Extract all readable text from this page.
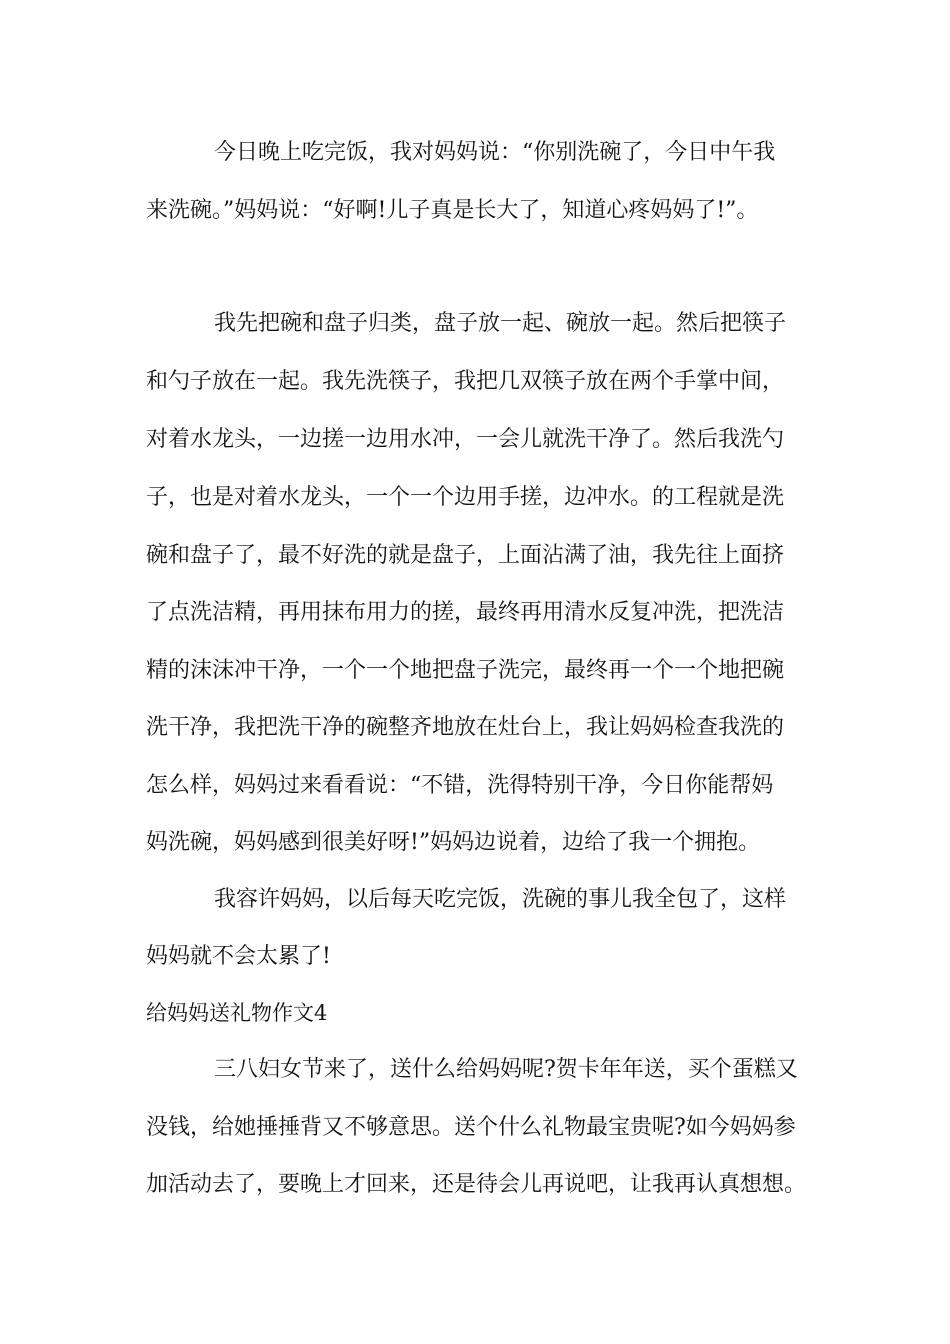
今日晚上吃完饭，我对妈妈说：“你别洗碗了，今日中午我

来洗碗。”妈妈说：“好啊!儿子真是长大了，知道心疼妈妈了!”。

我先把碗和盘子归类，盘子放一起、碗放一起。然后把筷子

和勺子放在一起。我先洗筷子，我把几双筷子放在两个手掌中间，

对着水龙头，一边搓一边用水冲，一会儿就洗干净了。然后我洗勺

子，也是对着水龙头，一个一个边用手搓，边冲水。的工程就是洗

碗和盘子了，最不好洗的就是盘子，上面沾满了油，我先往上面挤

了点洗洁精，再用抹布用力的搓，最终再用清水反复冲洗，把洗洁

精的沫沫冲干净，一个一个地把盘子洗完，最终再一个一个地把碗

洗干净，我把洗干净的碗整齐地放在灶台上，我让妈妈检查我洗的

怎么样，妈妈过来看看说：“不错，洗得特别干净，今日你能帮妈

妈洗碗，妈妈感到很美好呀!”妈妈边说着，边给了我一个拥抱。

我容许妈妈，以后每天吃完饭，洗碗的事儿我全包了，这样

妈妈就不会太累了!

给妈妈送礼物作文4

三八妇女节来了，送什么给妈妈呢?贺卡年年送，买个蛋糕又

没钱，给她捶捶背又不够意思。送个什么礼物最宝贵呢?如今妈妈参

加活动去了，要晚上才回来，还是待会儿再说吧，让我再认真想想。
